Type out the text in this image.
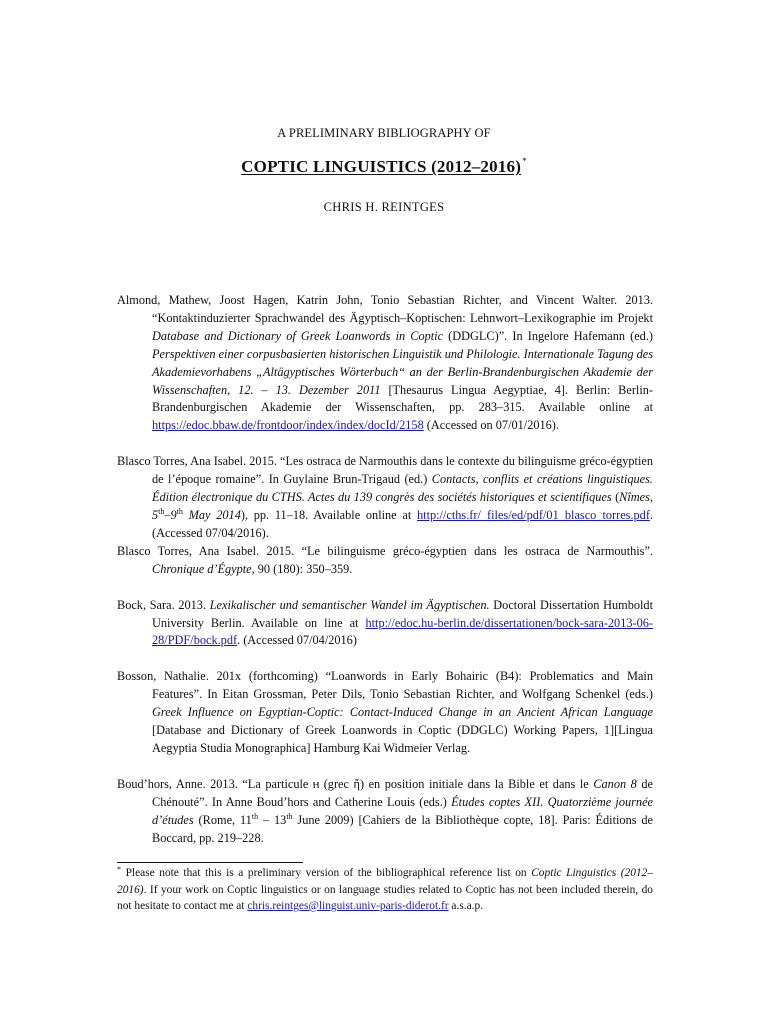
A PRELIMINARY BIBLIOGRAPHY OF
COPTIC LINGUISTICS (2012–2016)*
CHRIS H. REINTGES

Almond, Mathew, Joost Hagen, Katrin John, Tonio Sebastian Richter, and Vincent Walter. 2013. “Kontaktinduzierter Sprachwandel des Ägyptisch–Koptischen: Lehnwort–Lexikographie im Projekt Database and Dictionary of Greek Loanwords in Coptic (DDGLC)”. In Ingelore Hafemann (ed.) Perspektiven einer corpusbasierten historischen Linguistik und Philologie. Internationale Tagung des Akademievorhabens „Altägyptisches Wörterbuch“ an der Berlin-Brandenburgischen Akademie der Wissenschaften, 12. – 13. Dezember 2011 [Thesaurus Lingua Aegyptiae, 4]. Berlin: Berlin-Brandenburgischen Akademie der Wissenschaften, pp. 283–315. Available online at https://edoc.bbaw.de/frontdoor/index/index/docId/2158 (Accessed on 07/01/2016).

Blasco Torres, Ana Isabel. 2015. “Les ostraca de Narmouthis dans le contexte du bilinguisme gréco-égyptien de l’époque romaine”. In Guylaine Brun-Trigaud (ed.) Contacts, conflits et créations linguistiques. Édition électronique du CTHS. Actes du 139 congrès des sociétés historiques et scientifiques (Nîmes, 5th–9th May 2014), pp. 11–18. Available online at http://cths.fr/_files/ed/pdf/01_blasco_torres.pdf. (Accessed 07/04/2016).

Blasco Torres, Ana Isabel. 2015. “Le bilinguisme gréco-égyptien dans les ostraca de Narmouthis”. Chronique d’Égypte, 90 (180): 350–359.

Bock, Sara. 2013. Lexikalischer und semantischer Wandel im Ägyptischen. Doctoral Dissertation Humboldt University Berlin. Available on line at http://edoc.hu-berlin.de/dissertationen/bock-sara-2013-06-28/PDF/bock.pdf. (Accessed 07/04/2016)

Bosson, Nathalie. 201x (forthcoming) “Loanwords in Early Bohairic (B4): Problematics and Main Features”. In Eitan Grossman, Peter Dils, Tonio Sebastian Richter, and Wolfgang Schenkel (eds.) Greek Influence on Egyptian-Coptic: Contact-Induced Change in an Ancient African Language [Database and Dictionary of Greek Loanwords in Coptic (DDGLC) Working Papers, 1][Lingua Aegyptia Studia Monographica] Hamburg Kai Widmeier Verlag.

Boud’hors, Anne. 2013. “La particule ⲏ (grec ἤ) en position initiale dans la Bible et dans le Canon 8 de Chénouté”. In Anne Boud’hors and Catherine Louis (eds.) Études coptes XII. Quatorzième journée d’études (Rome, 11th – 13th June 2009) [Cahiers de la Bibliothèque copte, 18]. Paris: Éditions de Boccard, pp. 219–228.

* Please note that this is a preliminary version of the bibliographical reference list on Coptic Linguistics (2012–2016). If your work on Coptic linguistics or on language studies related to Coptic has not been included therein, do not hesitate to contact me at chris.reintges@linguist.univ-paris-diderot.fr a.s.a.p.
